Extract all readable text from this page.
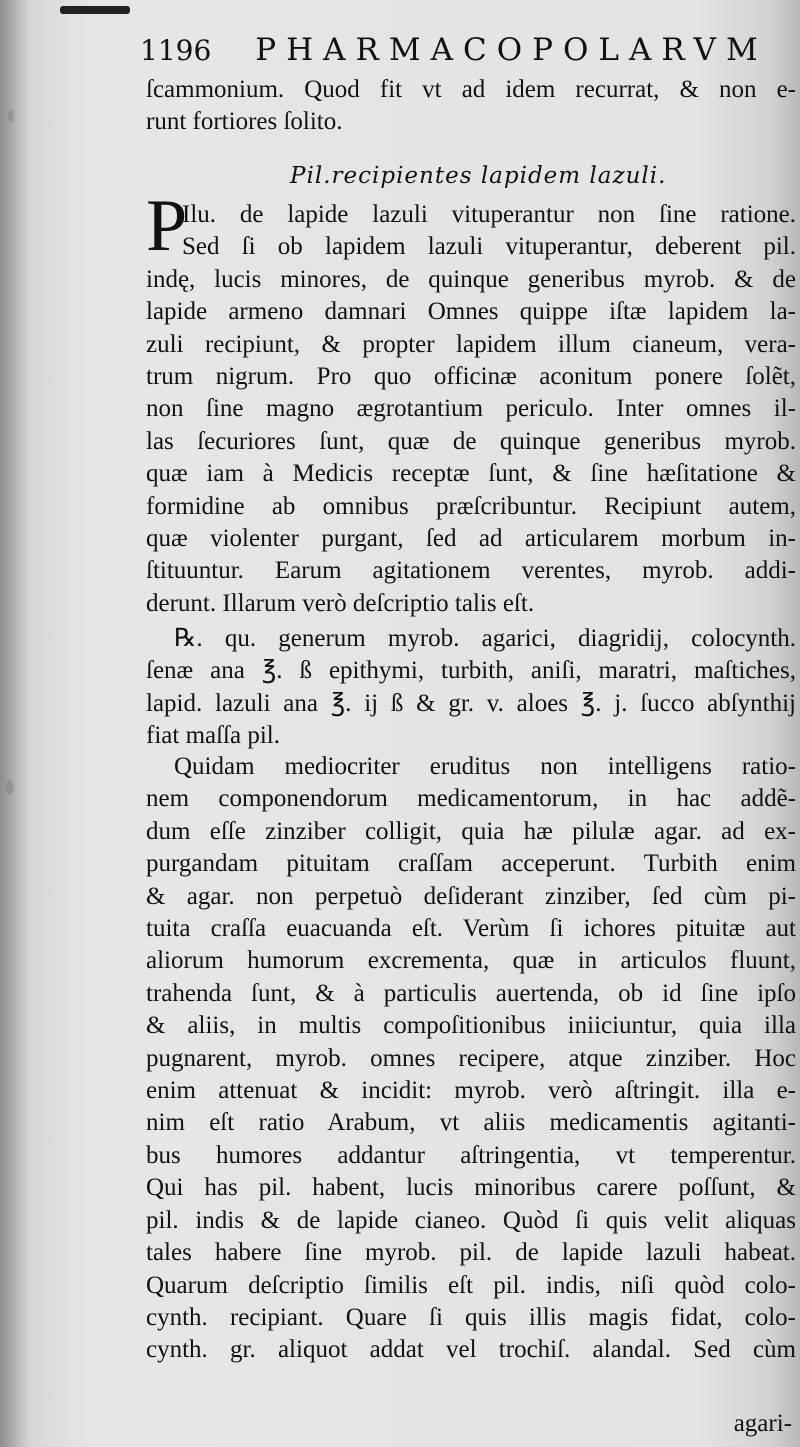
1196 PHARMACOPOLARVM
ſcammonium. Quod fit vt ad idem recurrat, & non e-
runt fortiores ſolito.
Pil.recipientes lapidem lazuli.
P
Ilu. de lapide lazuli vituperantur non ſine ratione.
Sed ſi ob lapidem lazuli vituperantur, deberent pil.
indę, lucis minores, de quinque generibus myrob. & de
lapide armeno damnari Omnes quippe iſtæ lapidem la-
zuli recipiunt, & propter lapidem illum cianeum, vera-
trum nigrum. Pro quo officinæ aconitum ponere ſolẽt,
non ſine magno ægrotantium periculo. Inter omnes il-
las ſecuriores ſunt, quæ de quinque generibus myrob.
quæ iam à Medicis receptæ ſunt, & ſine hæſitatione &
formidine ab omnibus præſcribuntur. Recipiunt autem,
quæ violenter purgant, ſed ad articularem morbum in-
ſtituuntur. Earum agitationem verentes, myrob. addi-
derunt. Illarum verò deſcriptio talis eſt.
℞. qu. generum myrob. agarici, diagridij, colocynth.
ſenæ ana ℥. ß epithymi, turbith, aniſi, maratri, maſtiches,
lapid. lazuli ana ℥. ij ß & gr. v. aloes ℥. j. ſucco abſynthij
fiat maſſa pil.
Quidam mediocriter eruditus non intelligens ratio-
nem componendorum medicamentorum, in hac addẽ-
dum eſſe zinziber colligit, quia hæ pilulæ agar. ad ex-
purgandam pituitam craſſam acceperunt. Turbith enim
& agar. non perpetuò deſiderant zinziber, ſed cùm pi-
tuita craſſa euacuanda eſt. Verùm ſi ichores pituitæ aut
aliorum humorum excrementa, quæ in articulos fluunt,
trahenda ſunt, & à particulis auertenda, ob id ſine ipſo
& aliis, in multis compoſitionibus iniiciuntur, quia illa
pugnarent, myrob. omnes recipere, atque zinziber. Hoc
enim attenuat & incidit: myrob. verò aſtringit. illa e-
nim eſt ratio Arabum, vt aliis medicamentis agitanti-
bus humores addantur aſtringentia, vt temperentur.
Qui has pil. habent, lucis minoribus carere poſſunt, &
pil. indis & de lapide cianeo. Quòd ſi quis velit aliquas
tales habere ſine myrob. pil. de lapide lazuli habeat.
Quarum deſcriptio ſimilis eſt pil. indis, niſi quòd colo-
cynth. recipiant. Quare ſi quis illis magis fidat, colo-
cynth. gr. aliquot addat vel trochiſ. alandal. Sed cùm
agari-
